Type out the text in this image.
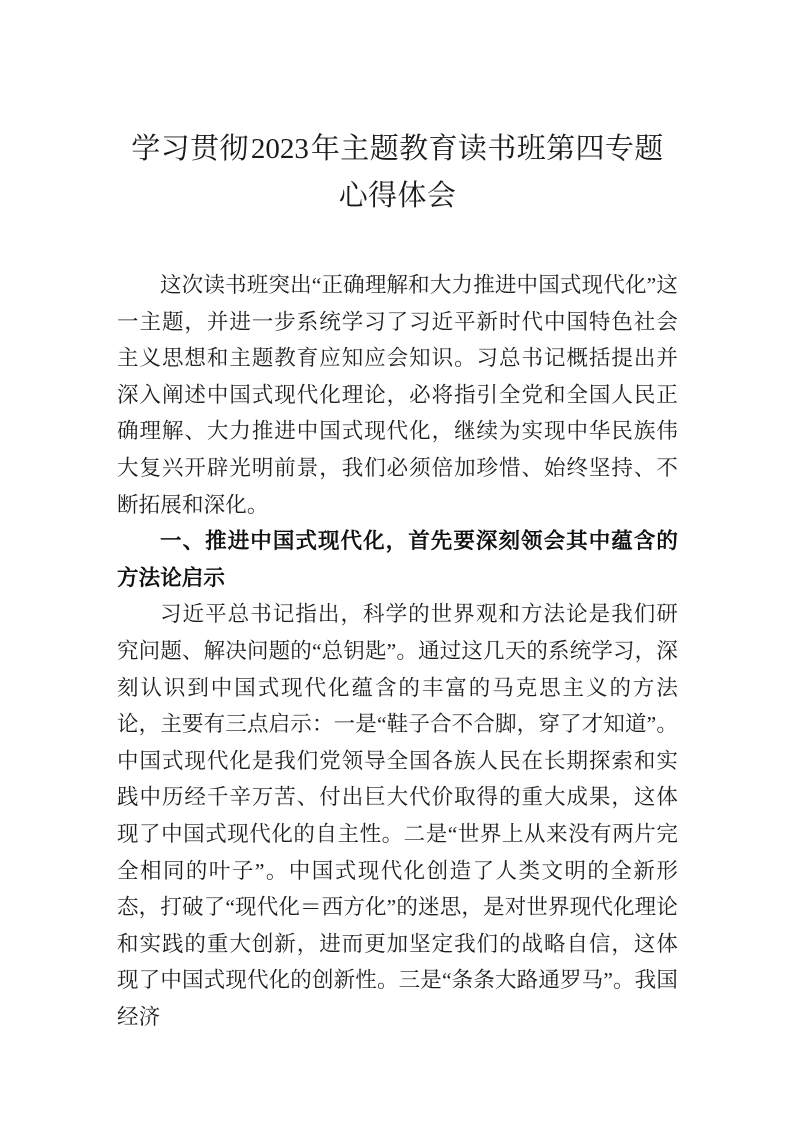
学习贯彻2023年主题教育读书班第四专题
心得体会

这次读书班突出“正确理解和大力推进中国式现代化”这一主题，并进一步系统学习了习近平新时代中国特色社会主义思想和主题教育应知应会知识。习总书记概括提出并深入阐述中国式现代化理论，必将指引全党和全国人民正确理解、大力推进中国式现代化，继续为实现中华民族伟大复兴开辟光明前景，我们必须倍加珍惜、始终坚持、不断拓展和深化。

一、推进中国式现代化，首先要深刻领会其中蕴含的方法论启示

习近平总书记指出，科学的世界观和方法论是我们研究问题、解决问题的“总钥匙”。通过这几天的系统学习，深刻认识到中国式现代化蕴含的丰富的马克思主义的方法论，主要有三点启示：一是“鞋子合不合脚，穿了才知道”。中国式现代化是我们党领导全国各族人民在长期探索和实践中历经千辛万苦、付出巨大代价取得的重大成果，这体现了中国式现代化的自主性。二是“世界上从来没有两片完全相同的叶子”。中国式现代化创造了人类文明的全新形态，打破了“现代化＝西方化”的迷思，是对世界现代化理论和实践的重大创新，进而更加坚定我们的战略自信，这体现了中国式现代化的创新性。三是“条条大路通罗马”。我国经济
